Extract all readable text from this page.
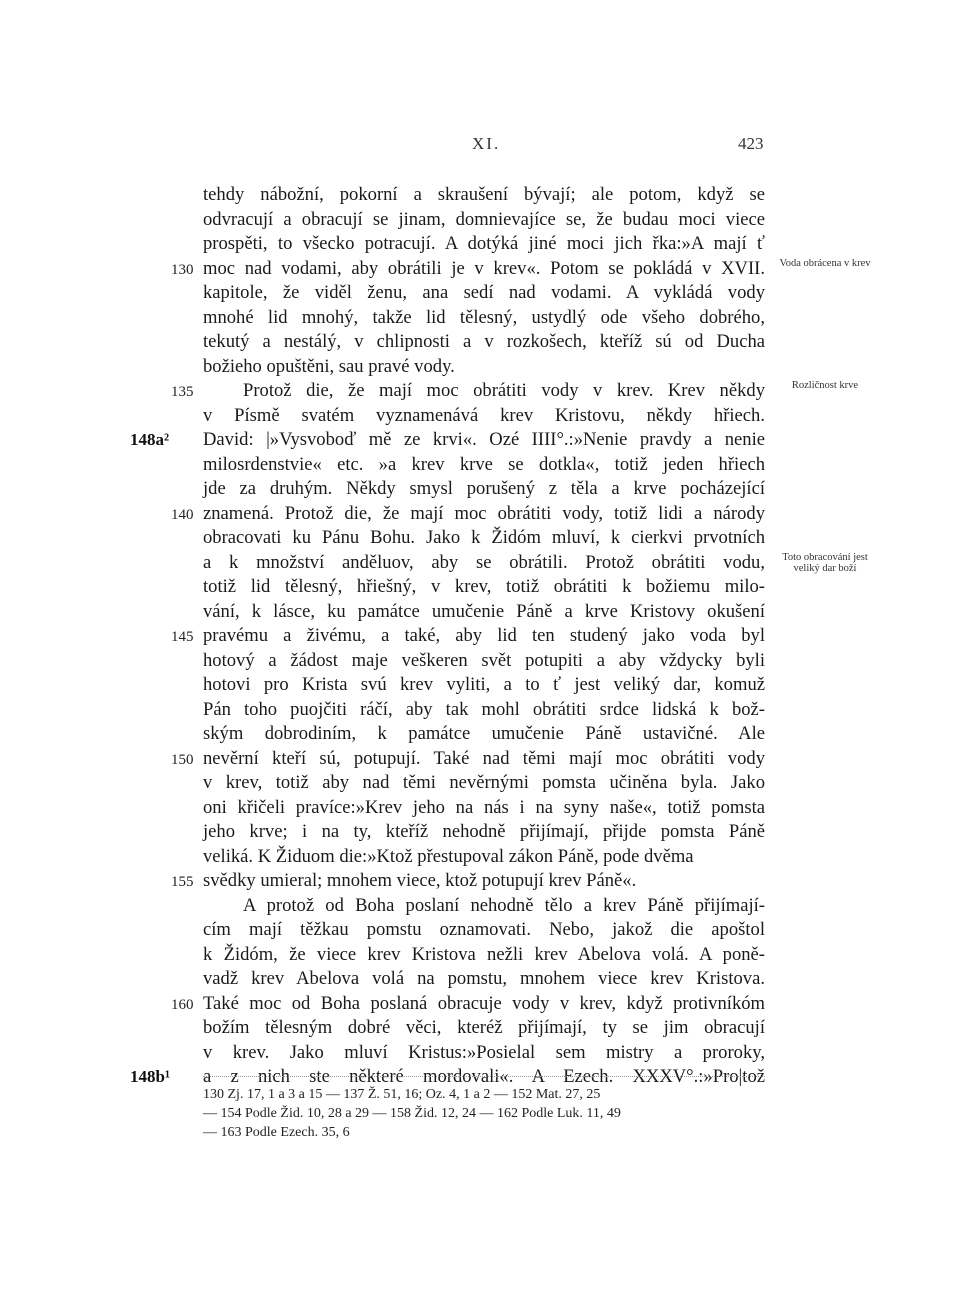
XI.	423
tehdy nábožní, pokorní a skraušení bývají; ale potom, když se
odvracují a obracují se jinam, domnievajíce se, že budau moci viece
prospěti, to všecko potracují. A dotýká jiné moci jich řka:»A mají ť
moc nad vodami, aby obrátili je v krev«. Potom se pokládá v XVII.
kapitole, že viděl ženu, ana sedí nad vodami. A vykládá vody
mnohé lid mnohý, takže lid tělesný, ustydlý ode všeho dobrého,
tekutý a nestálý, v chlipnosti a v rozkošech, kteříž sú od Ducha
božieho opuštěni, sau pravé vody.
Protož die, že mají moc obrátiti vody v krev. Krev někdy
v Písmě svatém vyznamenává krev Kristovu, někdy hřiech.
David: |»Vysvoboď mě ze krvi«. Ozé IIII°.:»Nenie pravdy a nenie
milosrdenstvie« etc. »a krev krve se dotkla«, totiž jeden hřiech
jde za druhým. Někdy smysl porušený z těla a krve pocházející
znamená. Protož die, že mají moc obrátiti vody, totiž lidi a národy
obracovati ku Pánu Bohu. Jako k Židóm mluví, k cierkvi prvotních
a k množství anděluov, aby se obrátili. Protož obrátiti vodu,
totiž lid tělesný, hřiešný, v krev, totiž obrátiti k božiemu milo-
vání, k lásce, ku památce umučenie Páně a krve Kristovy okušení
pravému a živému, a také, aby lid ten studený jako voda byl
hotový a žádost maje veškeren svět potupiti a aby vždycky byli
hotovi pro Krista svú krev vyliti, a to ť jest veliký dar, komuž
Pán toho puojčiti ráčí, aby tak mohl obrátiti srdce lidská k bož-
ským dobrodiním, k památce umučenie Páně ustavičné. Ale
nevěrní kteří sú, potupují. Také nad těmi mají moc obrátiti vody
v krev, totiž aby nad těmi nevěrnými pomsta učiněna byla. Jako
oni křičeli pravíce:»Krev jeho na nás i na syny naše«, totiž pomsta
jeho krve; i na ty, kteříž nehodně přijímají, přijde pomsta Páně
veliká. K Židuom die:»Ktož přestupoval zákon Páně, pode dvěma
svědky umieral; mnohem viece, ktož potupují krev Páně«.
A protož od Boha poslaní nehodně tělo a krev Páně přijímají-
cím mají těžkau pomstu oznamovati. Nebo, jakož die apoštol
k Židóm, že viece krev Kristova nežli krev Abelova volá. A poně-
vadž krev Abelova volá na pomstu, mnohem viece krev Kristova.
Také moc od Boha poslaná obracuje vody v krev, když protivníkóm
božím tělesným dobré věci, kteréž přijímají, ty se jim obracují
v krev. Jako mluví Kristus:»Posielal sem mistry a proroky,
a z nich ste některé mordovali«. A Ezech. XXXV°.:»Pro|tož
130
135
140
145
150
155
160
148a²
148b¹
Voda obrácena v krev
Rozličnost krve
Toto obracování jest veliký dar boží
130 Zj. 17, 1 a 3 a 15 — 137 Ž. 51, 16; Oz. 4, 1 a 2 — 152 Mat. 27, 25
— 154 Podle Žid. 10, 28 a 29 — 158 Žid. 12, 24 — 162 Podle Luk. 11, 49
— 163 Podle Ezech. 35, 6
